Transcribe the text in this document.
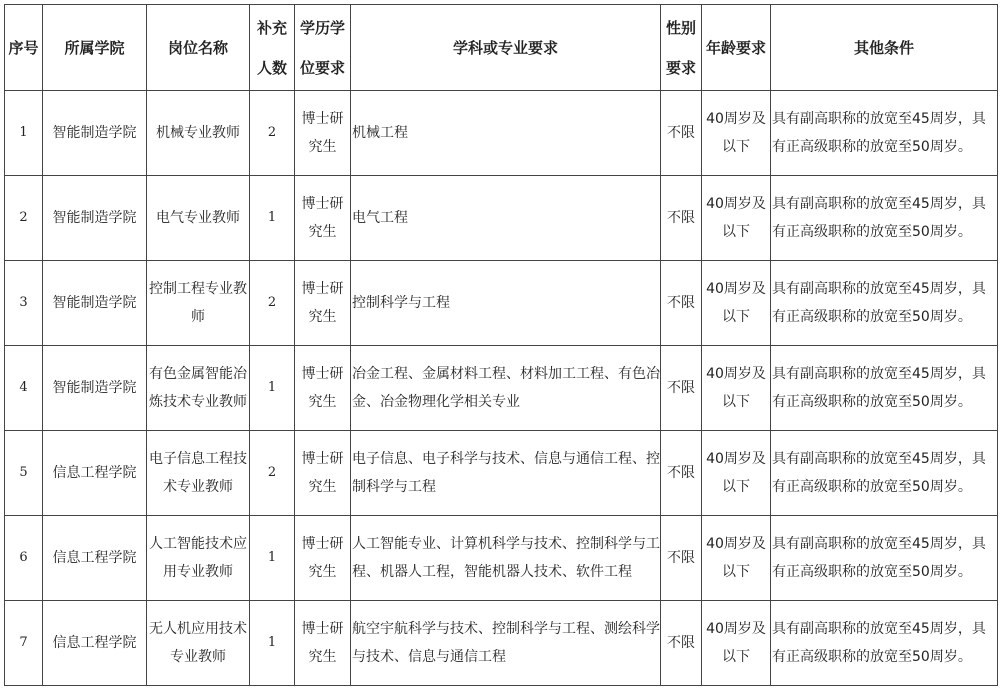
序号	所属学院	岗位名称	补充人数	学历学位要求	学科或专业要求	性别要求	年龄要求	其他条件
1	智能制造学院	机械专业教师	2	博士研究生	机械工程	不限	40周岁及以下	具有副高职称的放宽至45周岁，具有正高级职称的放宽至50周岁。
2	智能制造学院	电气专业教师	1	博士研究生	电气工程	不限	40周岁及以下	具有副高职称的放宽至45周岁，具有正高级职称的放宽至50周岁。
3	智能制造学院	控制工程专业教师	2	博士研究生	控制科学与工程	不限	40周岁及以下	具有副高职称的放宽至45周岁，具有正高级职称的放宽至50周岁。
4	智能制造学院	有色金属智能冶炼技术专业教师	1	博士研究生	冶金工程、金属材料工程、材料加工工程、有色冶金、冶金物理化学相关专业	不限	40周岁及以下	具有副高职称的放宽至45周岁，具有正高级职称的放宽至50周岁。
5	信息工程学院	电子信息工程技术专业教师	2	博士研究生	电子信息、电子科学与技术、信息与通信工程、控制科学与工程	不限	40周岁及以下	具有副高职称的放宽至45周岁，具有正高级职称的放宽至50周岁。
6	信息工程学院	人工智能技术应用专业教师	1	博士研究生	人工智能专业、计算机科学与技术、控制科学与工程、机器人工程，智能机器人技术、软件工程	不限	40周岁及以下	具有副高职称的放宽至45周岁，具有正高级职称的放宽至50周岁。
7	信息工程学院	无人机应用技术专业教师	1	博士研究生	航空宇航科学与技术、控制科学与工程、测绘科学与技术、信息与通信工程	不限	40周岁及以下	具有副高职称的放宽至45周岁，具有正高级职称的放宽至50周岁。
